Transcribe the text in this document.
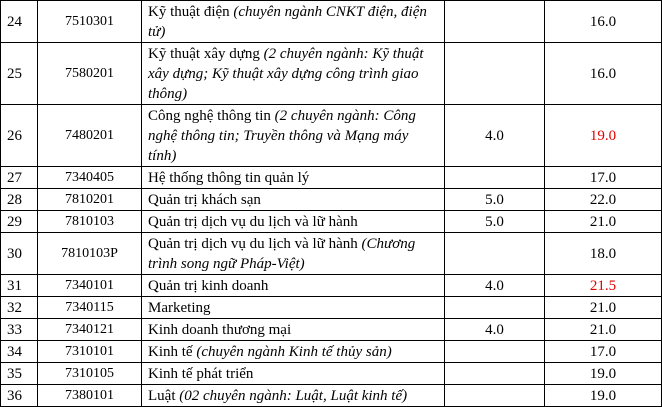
24	7510301	Kỹ thuật điện (chuyên ngành CNKT điện, điện tử)		16.0
25	7580201	Kỹ thuật xây dựng (2 chuyên ngành: Kỹ thuật xây dựng; Kỹ thuật xây dựng công trình giao thông)		16.0
26	7480201	Công nghệ thông tin (2 chuyên ngành: Công nghệ thông tin; Truyền thông và Mạng máy tính)	4.0	19.0
27	7340405	Hệ thống thông tin quản lý		17.0
28	7810201	Quản trị khách sạn	5.0	22.0
29	7810103	Quản trị dịch vụ du lịch và lữ hành	5.0	21.0
30	7810103P	Quản trị dịch vụ du lịch và lữ hành (Chương trình song ngữ Pháp-Việt)		18.0
31	7340101	Quản trị kinh doanh	4.0	21.5
32	7340115	Marketing		21.0
33	7340121	Kinh doanh thương mại	4.0	21.0
34	7310101	Kinh tế (chuyên ngành Kinh tế thủy sản)		17.0
35	7310105	Kinh tế phát triển		19.0
36	7380101	Luật (02 chuyên ngành: Luật, Luật kinh tế)		19.0
